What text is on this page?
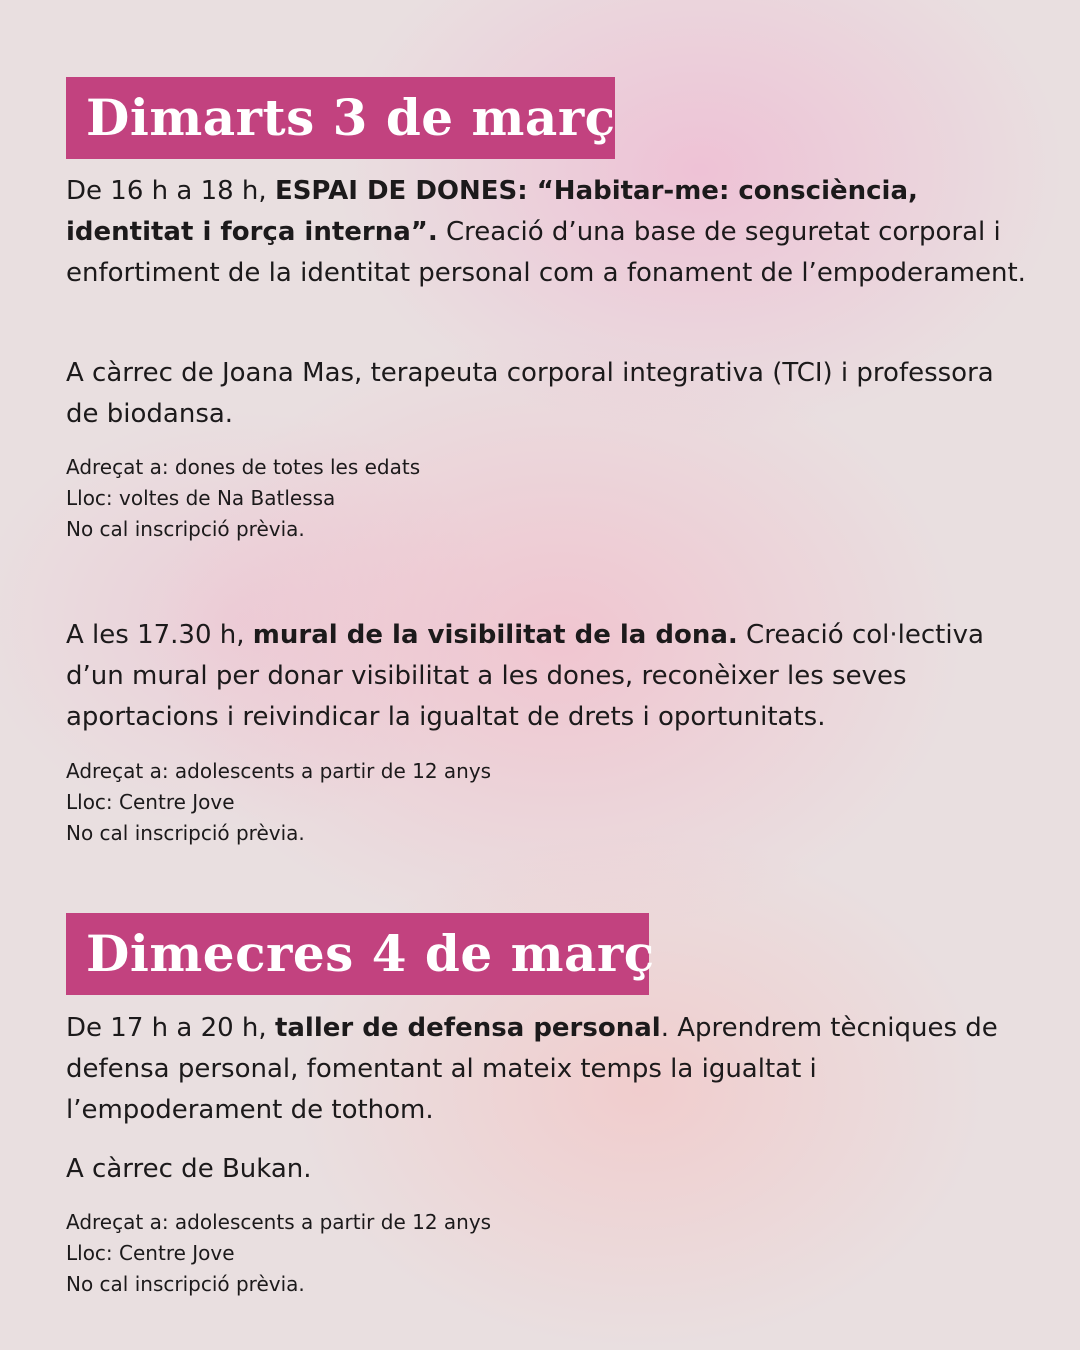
Dimarts 3 de març

De 16 h a 18 h, ESPAI DE DONES: “Habitar-me: consciència, identitat i força interna”. Creació d’una base de seguretat corporal i enfortiment de la identitat personal com a fonament de l’empoderament.

A càrrec de Joana Mas, terapeuta corporal integrativa (TCI) i professora de biodansa.

Adreçat a: dones de totes les edats
Lloc: voltes de Na Batlessa
No cal inscripció prèvia.

A les 17.30 h, mural de la visibilitat de la dona. Creació col·lectiva d’un mural per donar visibilitat a les dones, reconèixer les seves aportacions i reivindicar la igualtat de drets i oportunitats.

Adreçat a: adolescents a partir de 12 anys
Lloc: Centre Jove
No cal inscripció prèvia.
Dimecres 4 de març

De 17 h a 20 h, taller de defensa personal. Aprendrem tècniques de defensa personal, fomentant al mateix temps la igualtat i l’empoderament de tothom.

A càrrec de Bukan.

Adreçat a: adolescents a partir de 12 anys
Lloc: Centre Jove
No cal inscripció prèvia.
